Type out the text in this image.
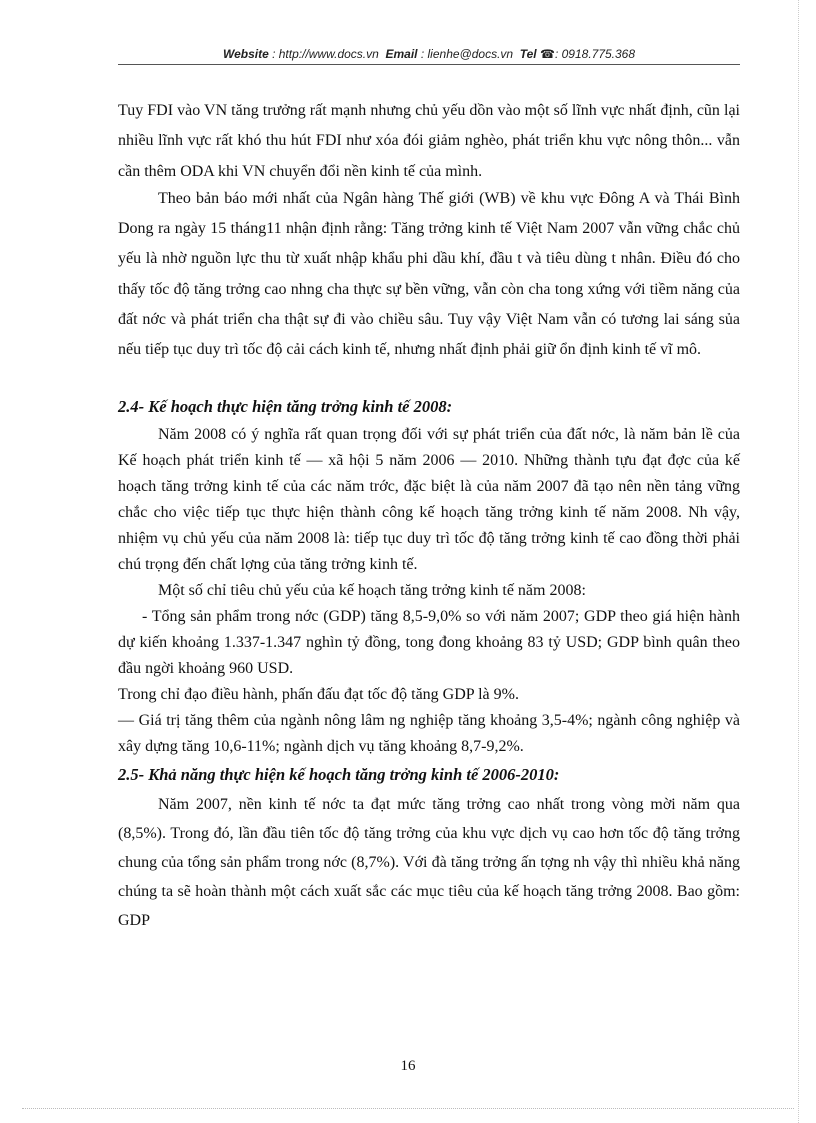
Website : http://www.docs.vn Email : lienhe@docs.vn Tel ☎: 0918.775.368

Tuy FDI vào VN tăng trưởng rất mạnh nhưng chủ yếu dồn vào một số lĩnh vực nhất định, cũn lại nhiều lĩnh vực rất khó thu hút FDI như xóa đói giảm nghèo, phát triển khu vực nông thôn... vẫn cần thêm ODA khi VN chuyển đổi nền kinh tế của mình.

Theo bản báo mới nhất của Ngân hàng Thế giới (WB) về khu vực Đông A và Thái Bình Dong ra ngày 15 tháng11 nhận định rằng: Tăng trởng kinh tế Việt Nam 2007 vẫn vững chắc chủ yếu là nhờ nguồn lực thu từ xuất nhập khẩu phi dầu khí, đầu t và tiêu dùng t nhân. Điều đó cho thấy tốc độ tăng trởng cao nhng cha thực sự bền vững, vẫn còn cha tong xứng với tiềm năng của đất nớc và phát triển cha thật sự đi vào chiều sâu. Tuy vậy Việt Nam vẫn có tương lai sáng sủa nếu tiếp tục duy trì tốc độ cải cách kinh tế, nhưng nhất định phải giữ ổn định kinh tế vĩ mô.

2.4- Kế hoạch thực hiện tăng trởng kinh tế 2008:

Năm 2008 có ý nghĩa rất quan trọng đối với sự phát triển của đất nớc, là năm bản lề của Kế hoạch phát triển kinh tế — xã hội 5 năm 2006 — 2010. Những thành tựu đạt đợc của kế hoạch tăng trởng kinh tế của các năm trớc, đặc biệt là của năm 2007 đã tạo nên nền tảng vững chắc cho việc tiếp tục thực hiện thành công kế hoạch tăng trởng kinh tế năm 2008. Nh vậy, nhiệm vụ chủ yếu của năm 2008 là: tiếp tục duy trì tốc độ tăng trởng kinh tế cao đồng thời phải chú trọng đến chất lợng của tăng trởng kinh tế.

Một số chỉ tiêu chủ yếu của kế hoạch tăng trởng kinh tế năm 2008:

- Tổng sản phẩm trong nớc (GDP) tăng 8,5-9,0% so với năm 2007; GDP theo giá hiện hành dự kiến khoảng 1.337-1.347 nghìn tỷ đồng, tong đong khoảng 83 tỷ USD; GDP bình quân theo đầu ngời khoảng 960 USD.

Trong chỉ đạo điều hành, phấn đấu đạt tốc độ tăng GDP là 9%.

— Giá trị tăng thêm của ngành nông lâm ng nghiệp tăng khoảng 3,5-4%; ngành công nghiệp và xây dựng tăng 10,6-11%; ngành dịch vụ tăng khoảng 8,7-9,2%.

2.5- Khả năng thực hiện kế hoạch tăng trởng kinh tế 2006-2010:

Năm 2007, nền kinh tế nớc ta đạt mức tăng trởng cao nhất trong vòng mời năm qua (8,5%). Trong đó, lần đầu tiên tốc độ tăng trởng của khu vực dịch vụ cao hơn tốc độ tăng trởng chung của tổng sản phẩm trong nớc (8,7%). Với đà tăng trởng ấn tợng nh vậy thì nhiều khả năng chúng ta sẽ hoàn thành một cách xuất sắc các mục tiêu của kế hoạch tăng trởng 2008. Bao gồm: GDP

16
